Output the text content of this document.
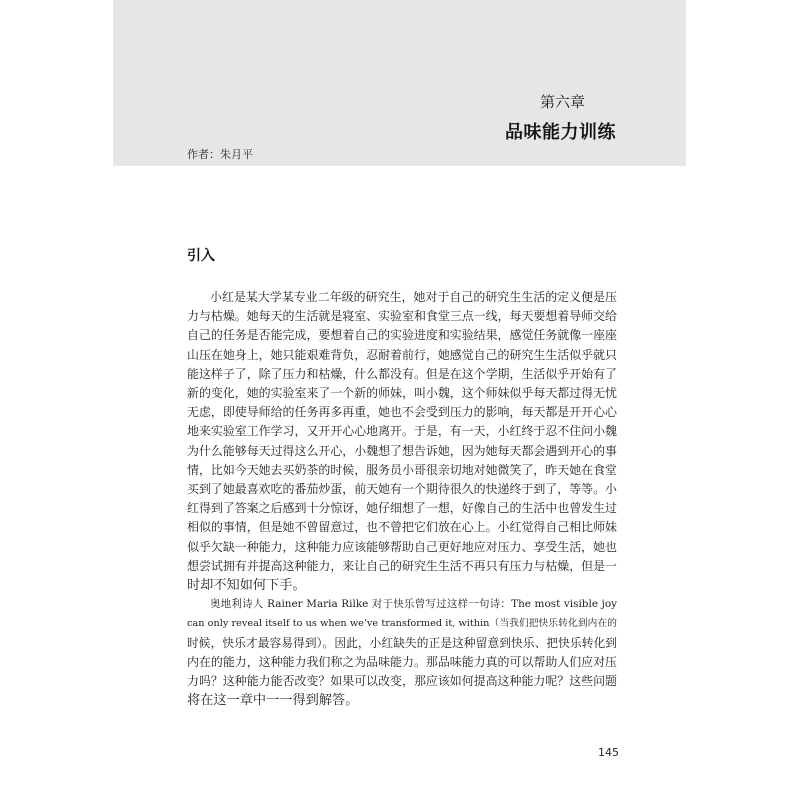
第六章
品味能力训练
作者：朱月平
引入
小红是某大学某专业二年级的研究生，她对于自己的研究生生活的定义便是压
力与枯燥。她每天的生活就是寝室、实验室和食堂三点一线，每天要想着导师交给
自己的任务是否能完成，要想着自己的实验进度和实验结果，感觉任务就像一座座
山压在她身上，她只能艰难背负，忍耐着前行，她感觉自己的研究生生活似乎就只
能这样子了，除了压力和枯燥，什么都没有。但是在这个学期，生活似乎开始有了
新的变化，她的实验室来了一个新的师妹，叫小魏，这个师妹似乎每天都过得无忧
无虑，即使导师给的任务再多再重，她也不会受到压力的影响，每天都是开开心心
地来实验室工作学习，又开开心心地离开。于是，有一天，小红终于忍不住问小魏
为什么能够每天过得这么开心，小魏想了想告诉她，因为她每天都会遇到开心的事
情，比如今天她去买奶茶的时候，服务员小哥很亲切地对她微笑了，昨天她在食堂
买到了她最喜欢吃的番茄炒蛋，前天她有一个期待很久的快递终于到了，等等。小
红得到了答案之后感到十分惊讶，她仔细想了一想，好像自己的生活中也曾发生过
相似的事情，但是她不曾留意过，也不曾把它们放在心上。小红觉得自己相比师妹
似乎欠缺一种能力，这种能力应该能够帮助自己更好地应对压力、享受生活，她也
想尝试拥有并提高这种能力，来让自己的研究生生活不再只有压力与枯燥，但是一
时却不知如何下手。
奥地利诗人 Rainer Maria Rilke 对于快乐曾写过这样一句诗：The most visible joy
can only reveal itself to us when we’ve transformed it, within（当我们把快乐转化到内在的
时候，快乐才最容易得到）。因此，小红缺失的正是这种留意到快乐、把快乐转化到
内在的能力，这种能力我们称之为品味能力。那品味能力真的可以帮助人们应对压
力吗？这种能力能否改变？如果可以改变，那应该如何提高这种能力呢？这些问题
将在这一章中一一得到解答。
145
